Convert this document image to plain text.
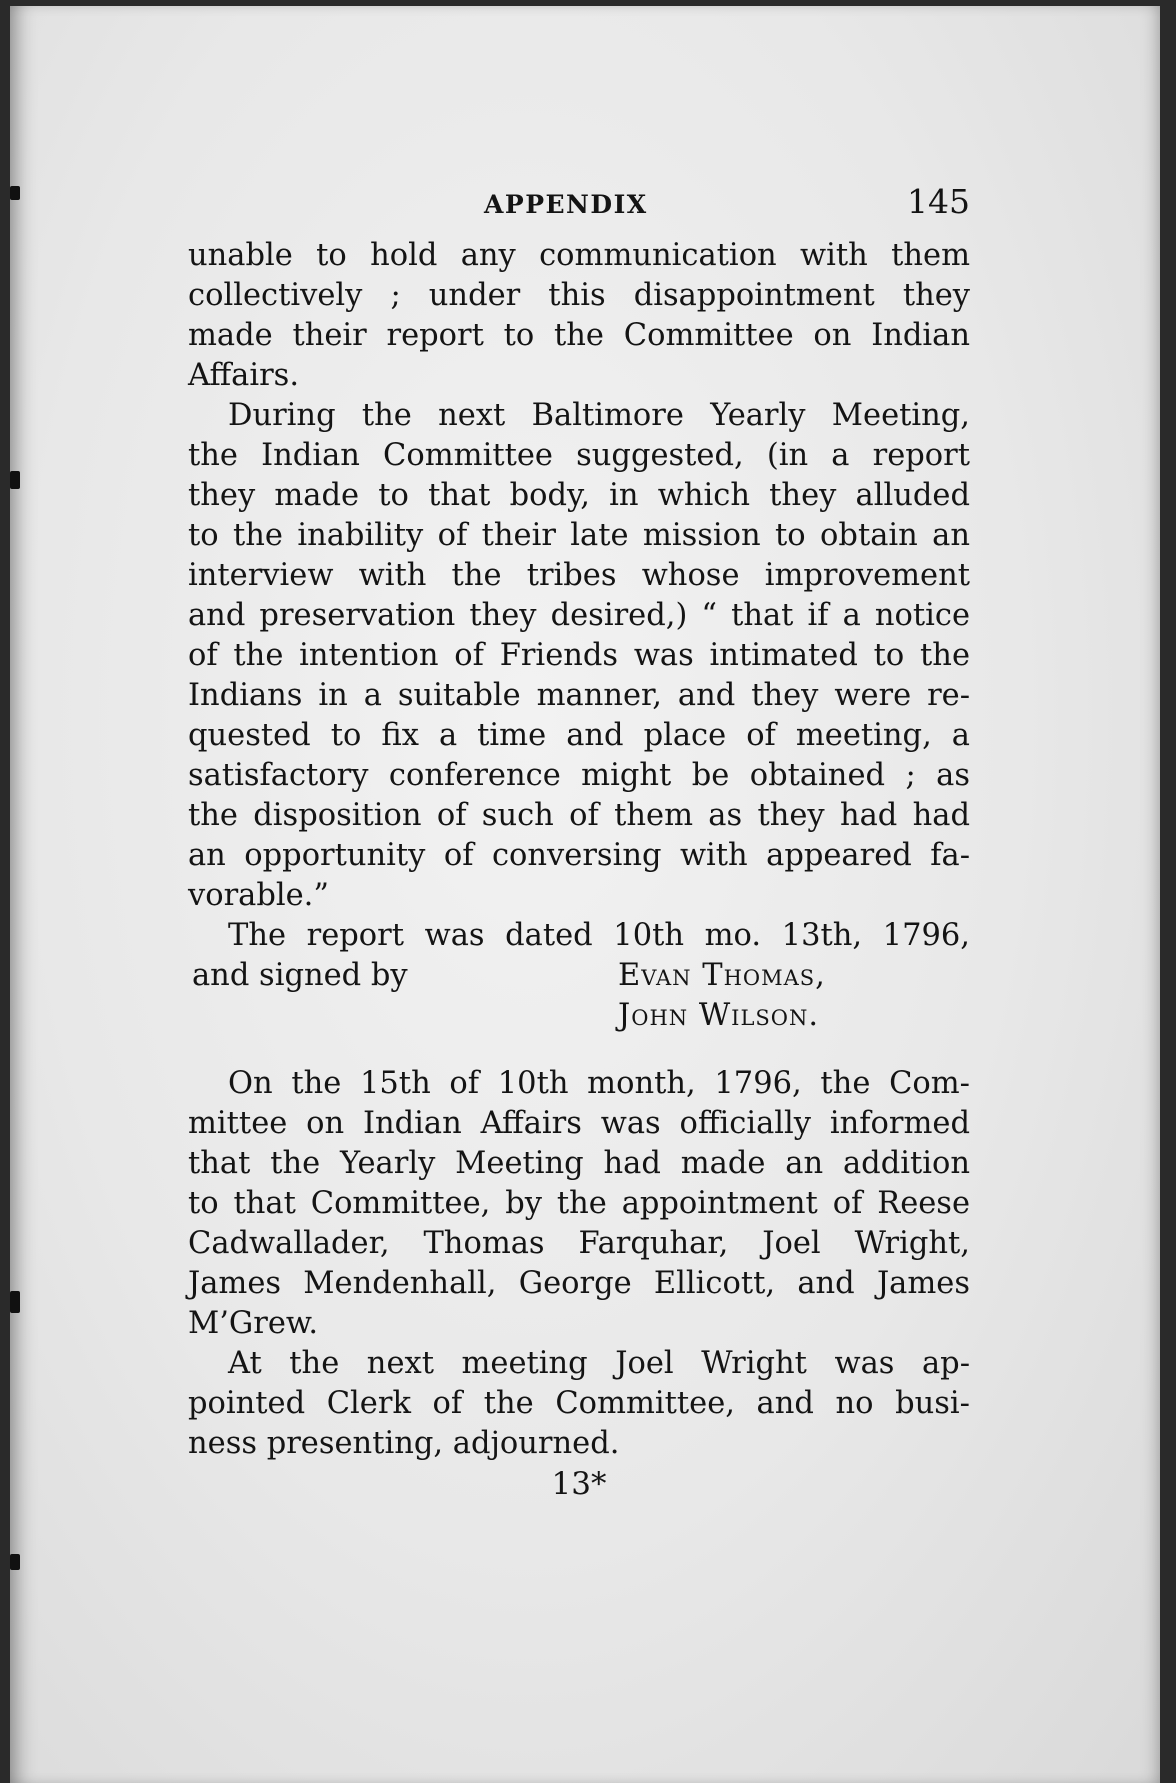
APPENDIX	145
unable to hold any communication with them
collectively ; under this disappointment they
made their report to the Committee on Indian
Affairs.
During the next Baltimore Yearly Meeting,
the Indian Committee suggested, (in a report
they made to that body, in which they alluded
to the inability of their late mission to obtain an
interview with the tribes whose improvement
and preservation they desired,) “ that if a notice
of the intention of Friends was intimated to the
Indians in a suitable manner, and they were re-
quested to fix a time and place of meeting, a
satisfactory conference might be obtained ; as
the disposition of such of them as they had had
an opportunity of conversing with appeared fa-
vorable.”
The report was dated 10th mo. 13th, 1796,
and signed by	Evan Thomas,
John Wilson.
On the 15th of 10th month, 1796, the Com-
mittee on Indian Affairs was officially informed
that the Yearly Meeting had made an addition
to that Committee, by the appointment of Reese
Cadwallader, Thomas Farquhar, Joel Wright,
James Mendenhall, George Ellicott, and James
M’Grew.
At the next meeting Joel Wright was ap-
pointed Clerk of the Committee, and no busi-
ness presenting, adjourned.
13*
